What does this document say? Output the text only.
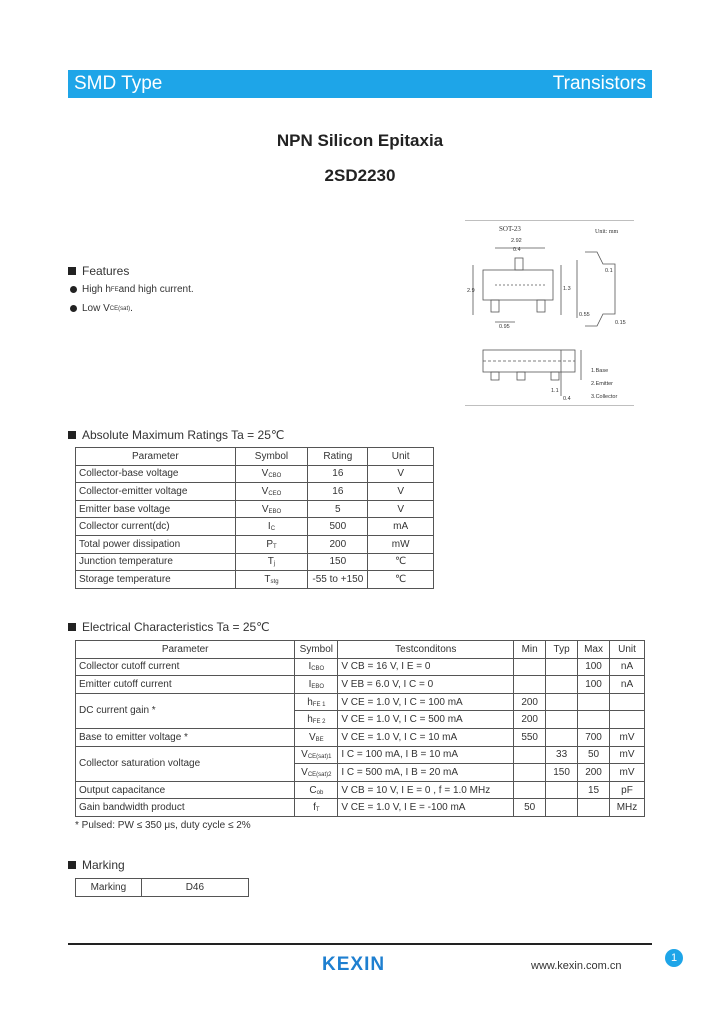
SMD Type	Transistors
NPN Silicon Epitaxia
2SD2230
SOT-23	Unit: mm
2.92
0.4
2.9	1.3
0.95
0.1
0.55
0.15
1.1
0.4
1.Base
2.Emitter
3.Collector
Features
High h FE and high current.
Low V CE(sat) .
Absolute Maximum Ratings Ta = 25℃
Parameter	Symbol	Rating	Unit
Collector-base voltage	$V_{CBO}$	16	V
Collector-emitter voltage	$V_{CEO}$	16	V
Emitter base voltage	$V_{EBO}$	5	V
Collector current(dc)	$I_C$	500	mA
Total power dissipation	$P_T$	200	mW
Junction temperature	$T_j$	150	℃
Storage temperature	$T_{stg}$	-55 to +150	℃
Electrical Characteristics Ta = 25℃
Parameter	Symbol	Testconditons	Min	Typ	Max	Unit
Collector cutoff current	$I_{CBO}$	V CB = 16 V, I E = 0			100	nA
Emitter cutoff current	$I_{EBO}$	V EB = 6.0 V, I C = 0			100	nA
DC current gain *	$h_{FE 1}$	V CE = 1.0 V, I C = 100 mA	200			
	$h_{FE 2}$	V CE = 1.0 V, I C = 500 mA	200			
Base to emitter voltage *	$V_{BE}$	V CE = 1.0 V, I C = 10 mA	550		700	mV
Collector saturation voltage	$V_{CE(sat)1}$	I C = 100 mA, I B = 10 mA		33	50	mV
	$V_{CE(sat)2}$	I C = 500 mA, I B = 20 mA		150	200	mV
Output capacitance	$C_{ob}$	V CB = 10 V, I E = 0 , f = 1.0 MHz			15	pF
Gain bandwidth product	$f_T$	V CE = 1.0 V, I E = -100 mA	50			MHz
* Pulsed: PW ≤ 350 μs, duty cycle ≤ 2%
Marking
Marking	D46
KEXIN	www.kexin.com.cn
1
